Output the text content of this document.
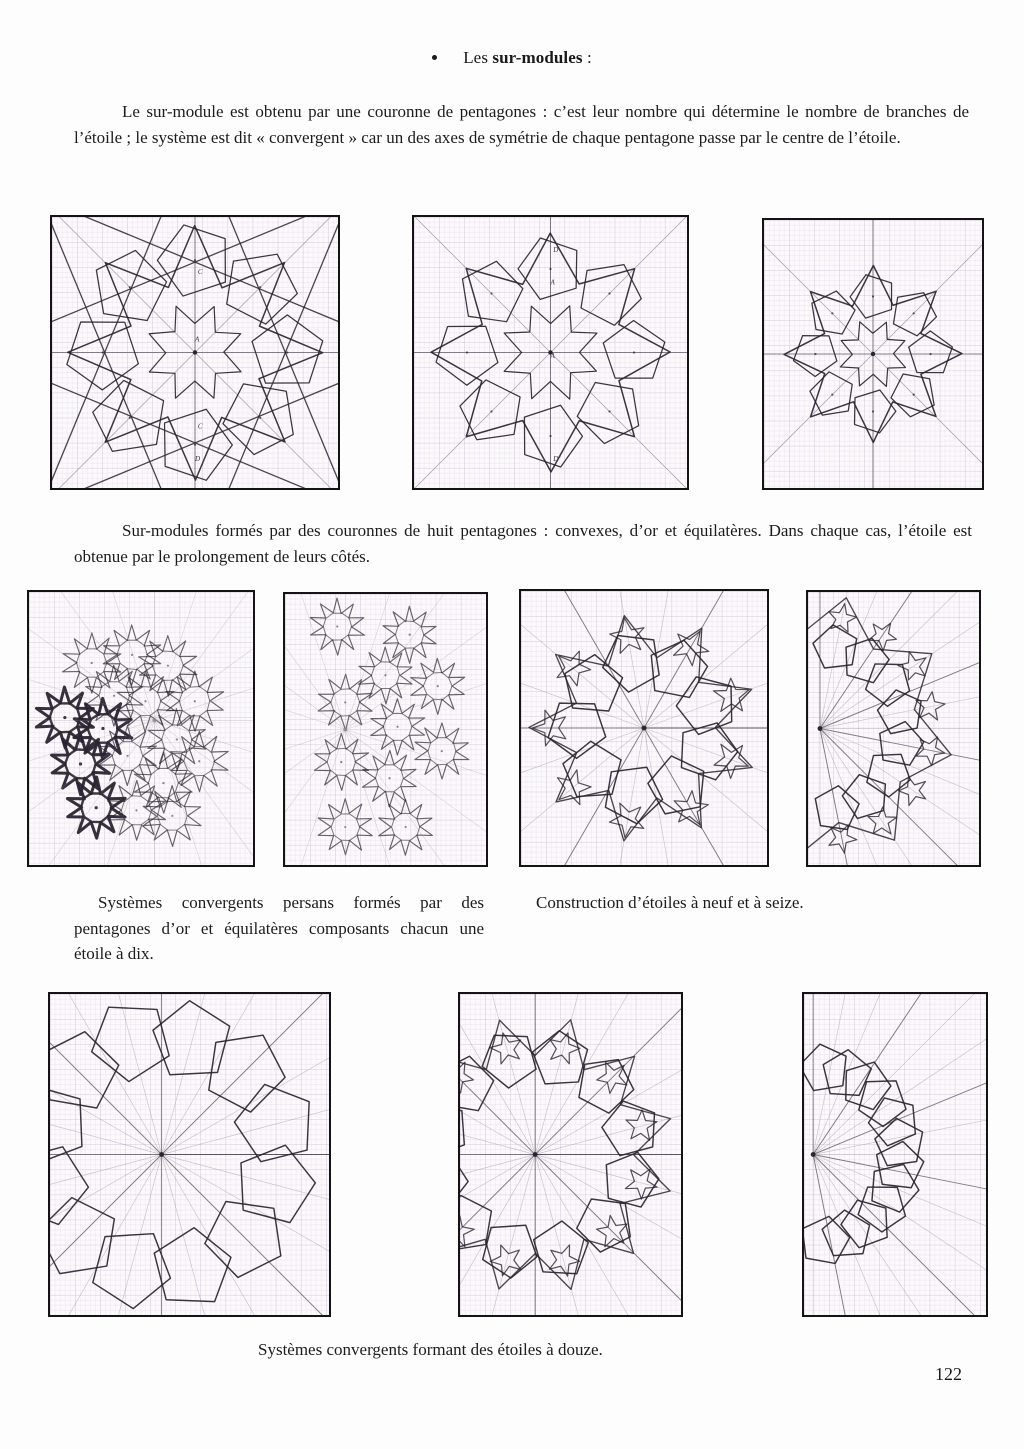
Les sur-modules :
Le sur-module est obtenu par une couronne de pentagones : c’est leur nombre qui détermine le nombre de branches de l’étoile ; le système est dit « convergent » car un des axes de symétrie de chaque pentagone passe par le centre de l’étoile.
C
A
C
D
D
A
A
D’
Sur-modules formés par des couronnes de huit pentagones : convexes, d’or et équilatères. Dans chaque cas, l’étoile est obtenue par le prolongement de leurs côtés.
Systèmes convergents persans formés par des pentagones d’or et équilatères composants chacun une étoile à dix.
Construction d’étoiles à neuf et à seize.
Systèmes convergents formant des étoiles à douze.
122
